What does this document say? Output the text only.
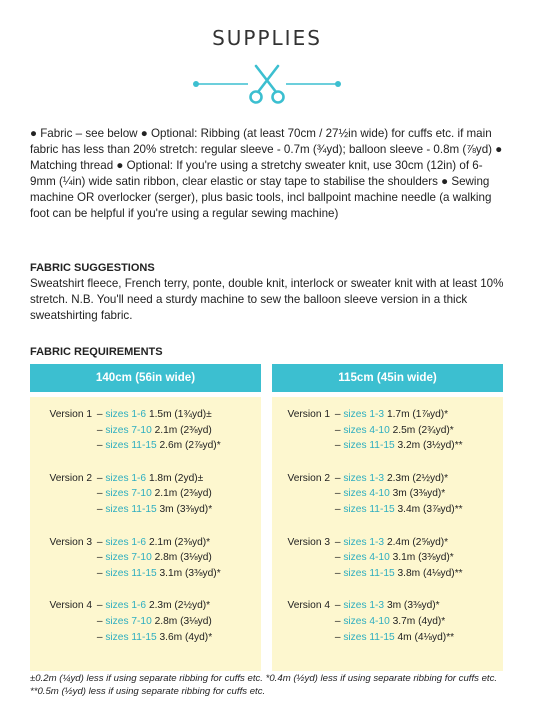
SUPPLIES
● Fabric – see below ● Optional: Ribbing (at least 70cm / 27½in wide) for cuffs etc. if main fabric has less than 20% stretch: regular sleeve - 0.7m (¾yd); balloon sleeve - 0.8m (⅞yd) ● Matching thread ● Optional: If you're using a stretchy sweater knit, use 30cm (12in) of 6-9mm (¼in) wide satin ribbon, clear elastic or stay tape to stabilise the shoulders ● Sewing machine OR overlocker (serger), plus basic tools, incl ballpoint machine needle (a walking foot can be helpful if you're using a regular sewing machine)
FABRIC SUGGESTIONS
Sweatshirt fleece, French terry, ponte, double knit, interlock or sweater knit with at least 10% stretch. N.B. You'll need a sturdy machine to sew the balloon sleeve version in a thick sweatshirting fabric.
FABRIC REQUIREMENTS
140cm (56in wide)
Version 1 – sizes 1-6 1.5m (1¾yd)±
– sizes 7-10 2.1m (2⅜yd)
– sizes 11-15 2.6m (2⅞yd)*
Version 2 – sizes 1-6 1.8m (2yd)±
– sizes 7-10 2.1m (2⅜yd)
– sizes 11-15 3m (3⅜yd)*
Version 3 – sizes 1-6 2.1m (2⅜yd)*
– sizes 7-10 2.8m (3⅛yd)
– sizes 11-15 3.1m (3⅜yd)*
Version 4 – sizes 1-6 2.3m (2½yd)*
– sizes 7-10 2.8m (3⅛yd)
– sizes 11-15 3.6m (4yd)*
115cm (45in wide)
Version 1 – sizes 1-3 1.7m (1⅞yd)*
– sizes 4-10 2.5m (2¾yd)*
– sizes 11-15 3.2m (3½yd)**
Version 2 – sizes 1-3 2.3m (2½yd)*
– sizes 4-10 3m (3⅜yd)*
– sizes 11-15 3.4m (3⅞yd)**
Version 3 – sizes 1-3 2.4m (2⅝yd)*
– sizes 4-10 3.1m (3⅜yd)*
– sizes 11-15 3.8m (4⅛yd)**
Version 4 – sizes 1-3 3m (3⅜yd)*
– sizes 4-10 3.7m (4yd)*
– sizes 11-15 4m (4⅛yd)**
±0.2m (¼yd) less if using separate ribbing for cuffs etc. *0.4m (½yd) less if using separate ribbing for cuffs etc. **0.5m (½yd) less if using separate ribbing for cuffs etc.
